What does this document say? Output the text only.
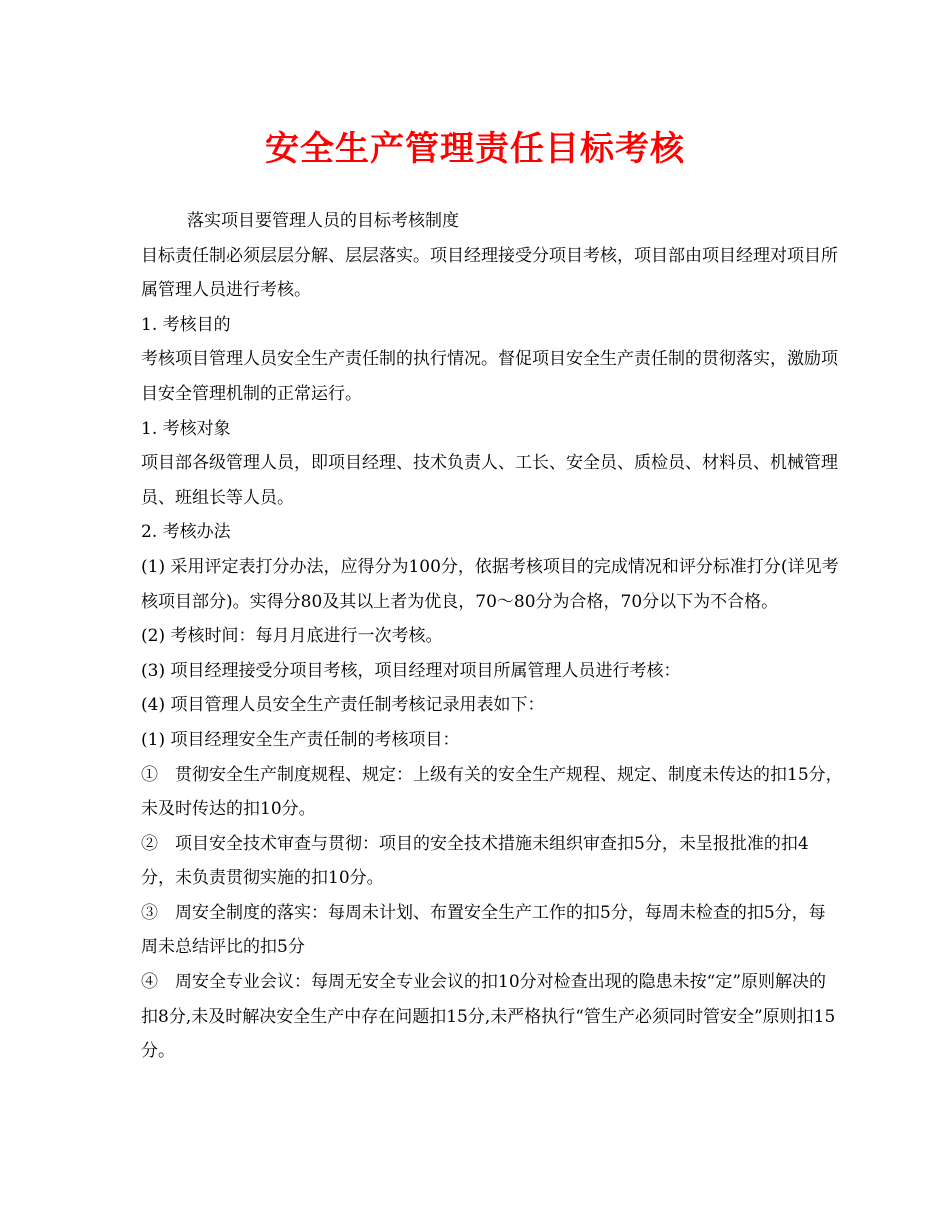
安全生产管理责任目标考核

落实项目要管理人员的目标考核制度

目标责任制必须层层分解、层层落实。项目经理接受分项目考核，项目部由项目经理对项目所属管理人员进行考核。

1. 考核目的

考核项目管理人员安全生产责任制的执行情况。督促项目安全生产责任制的贯彻落实，激励项目安全管理机制的正常运行。

1. 考核对象

项目部各级管理人员，即项目经理、技术负责人、工长、安全员、质检员、材料员、机械管理员、班组长等人员。

2. 考核办法

(1) 采用评定表打分办法，应得分为100分，依据考核项目的完成情况和评分标准打分(详见考核项目部分)。实得分80及其以上者为优良，70～80分为合格，70分以下为不合格。

(2) 考核时间：每月月底进行一次考核。

(3) 项目经理接受分项目考核，项目经理对项目所属管理人员进行考核：

(4) 项目管理人员安全生产责任制考核记录用表如下：

(1) 项目经理安全生产责任制的考核项目：

①　贯彻安全生产制度规程、规定：上级有关的安全生产规程、规定、制度未传达的扣15分，　未及时传达的扣10分。

②　项目安全技术审查与贯彻：项目的安全技术措施未组织审查扣5分，未呈报批准的扣4分，未负责贯彻实施的扣10分。

③　周安全制度的落实：每周未计划、布置安全生产工作的扣5分，每周未检查的扣5分，每周未总结评比的扣5分

④　周安全专业会议：每周无安全专业会议的扣10分对检查出现的隐患未按“定”原则解决的扣8分,未及时解决安全生产中存在问题扣15分,未严格执行“管生产必须同时管安全”原则扣15分。
